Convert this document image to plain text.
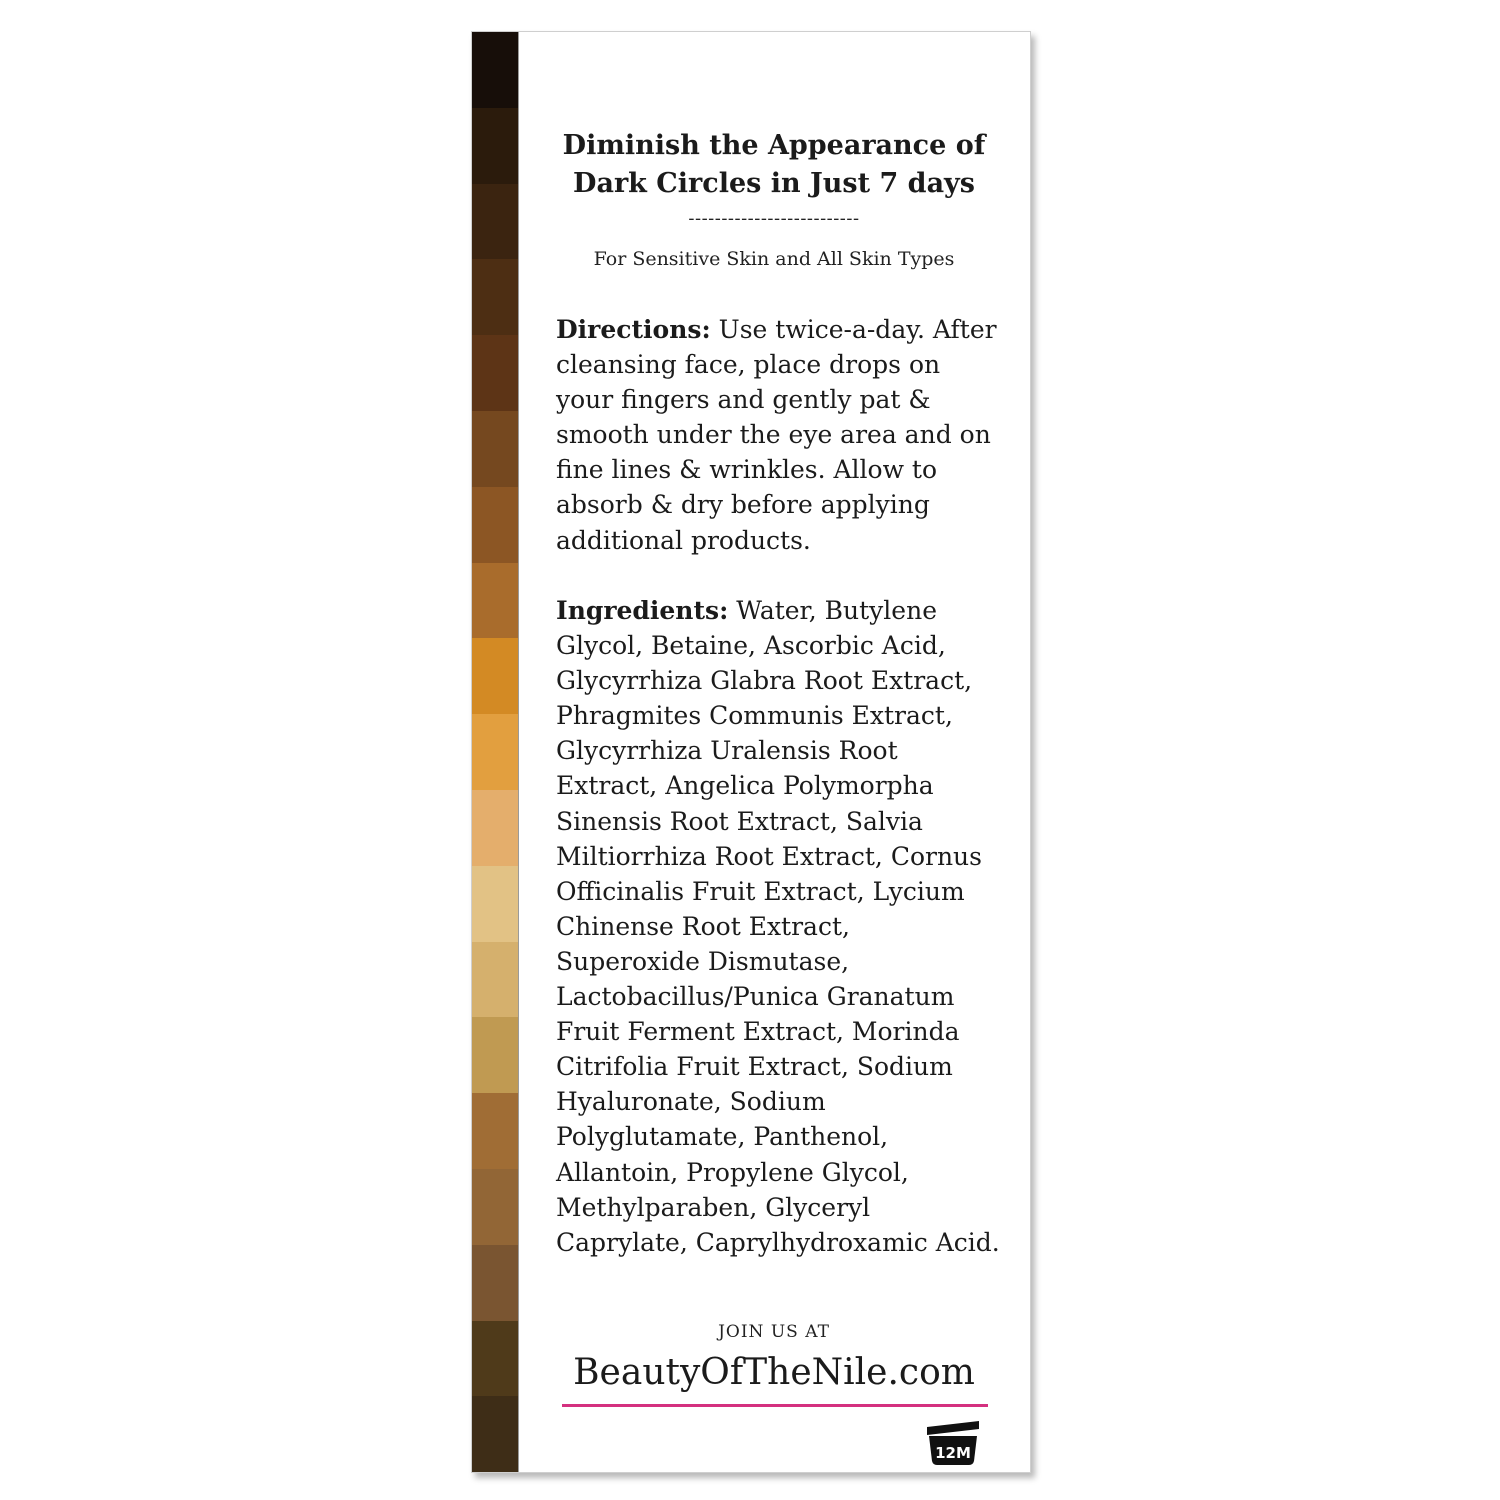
Diminish the Appearance of
Dark Circles in Just 7 days

--------------------------

For Sensitive Skin and All Skin Types

Directions: Use twice-a-day. After cleansing face, place drops on your fingers and gently pat & smooth under the eye area and on fine lines & wrinkles. Allow to absorb & dry before applying additional products.

Ingredients: Water, Butylene Glycol, Betaine, Ascorbic Acid, Glycyrrhiza Glabra Root Extract, Phragmites Communis Extract, Glycyrrhiza Uralensis Root Extract, Angelica Polymorpha Sinensis Root Extract, Salvia Miltiorrhiza Root Extract, Cornus Officinalis Fruit Extract, Lycium Chinense Root Extract, Superoxide Dismutase, Lactobacillus/Punica Granatum Fruit Ferment Extract, Morinda Citrifolia Fruit Extract, Sodium Hyaluronate, Sodium Polyglutamate, Panthenol, Allantoin, Propylene Glycol, Methylparaben, Glyceryl Caprylate, Caprylhydroxamic Acid.

JOIN US AT

BeautyOfTheNile.com

12M
